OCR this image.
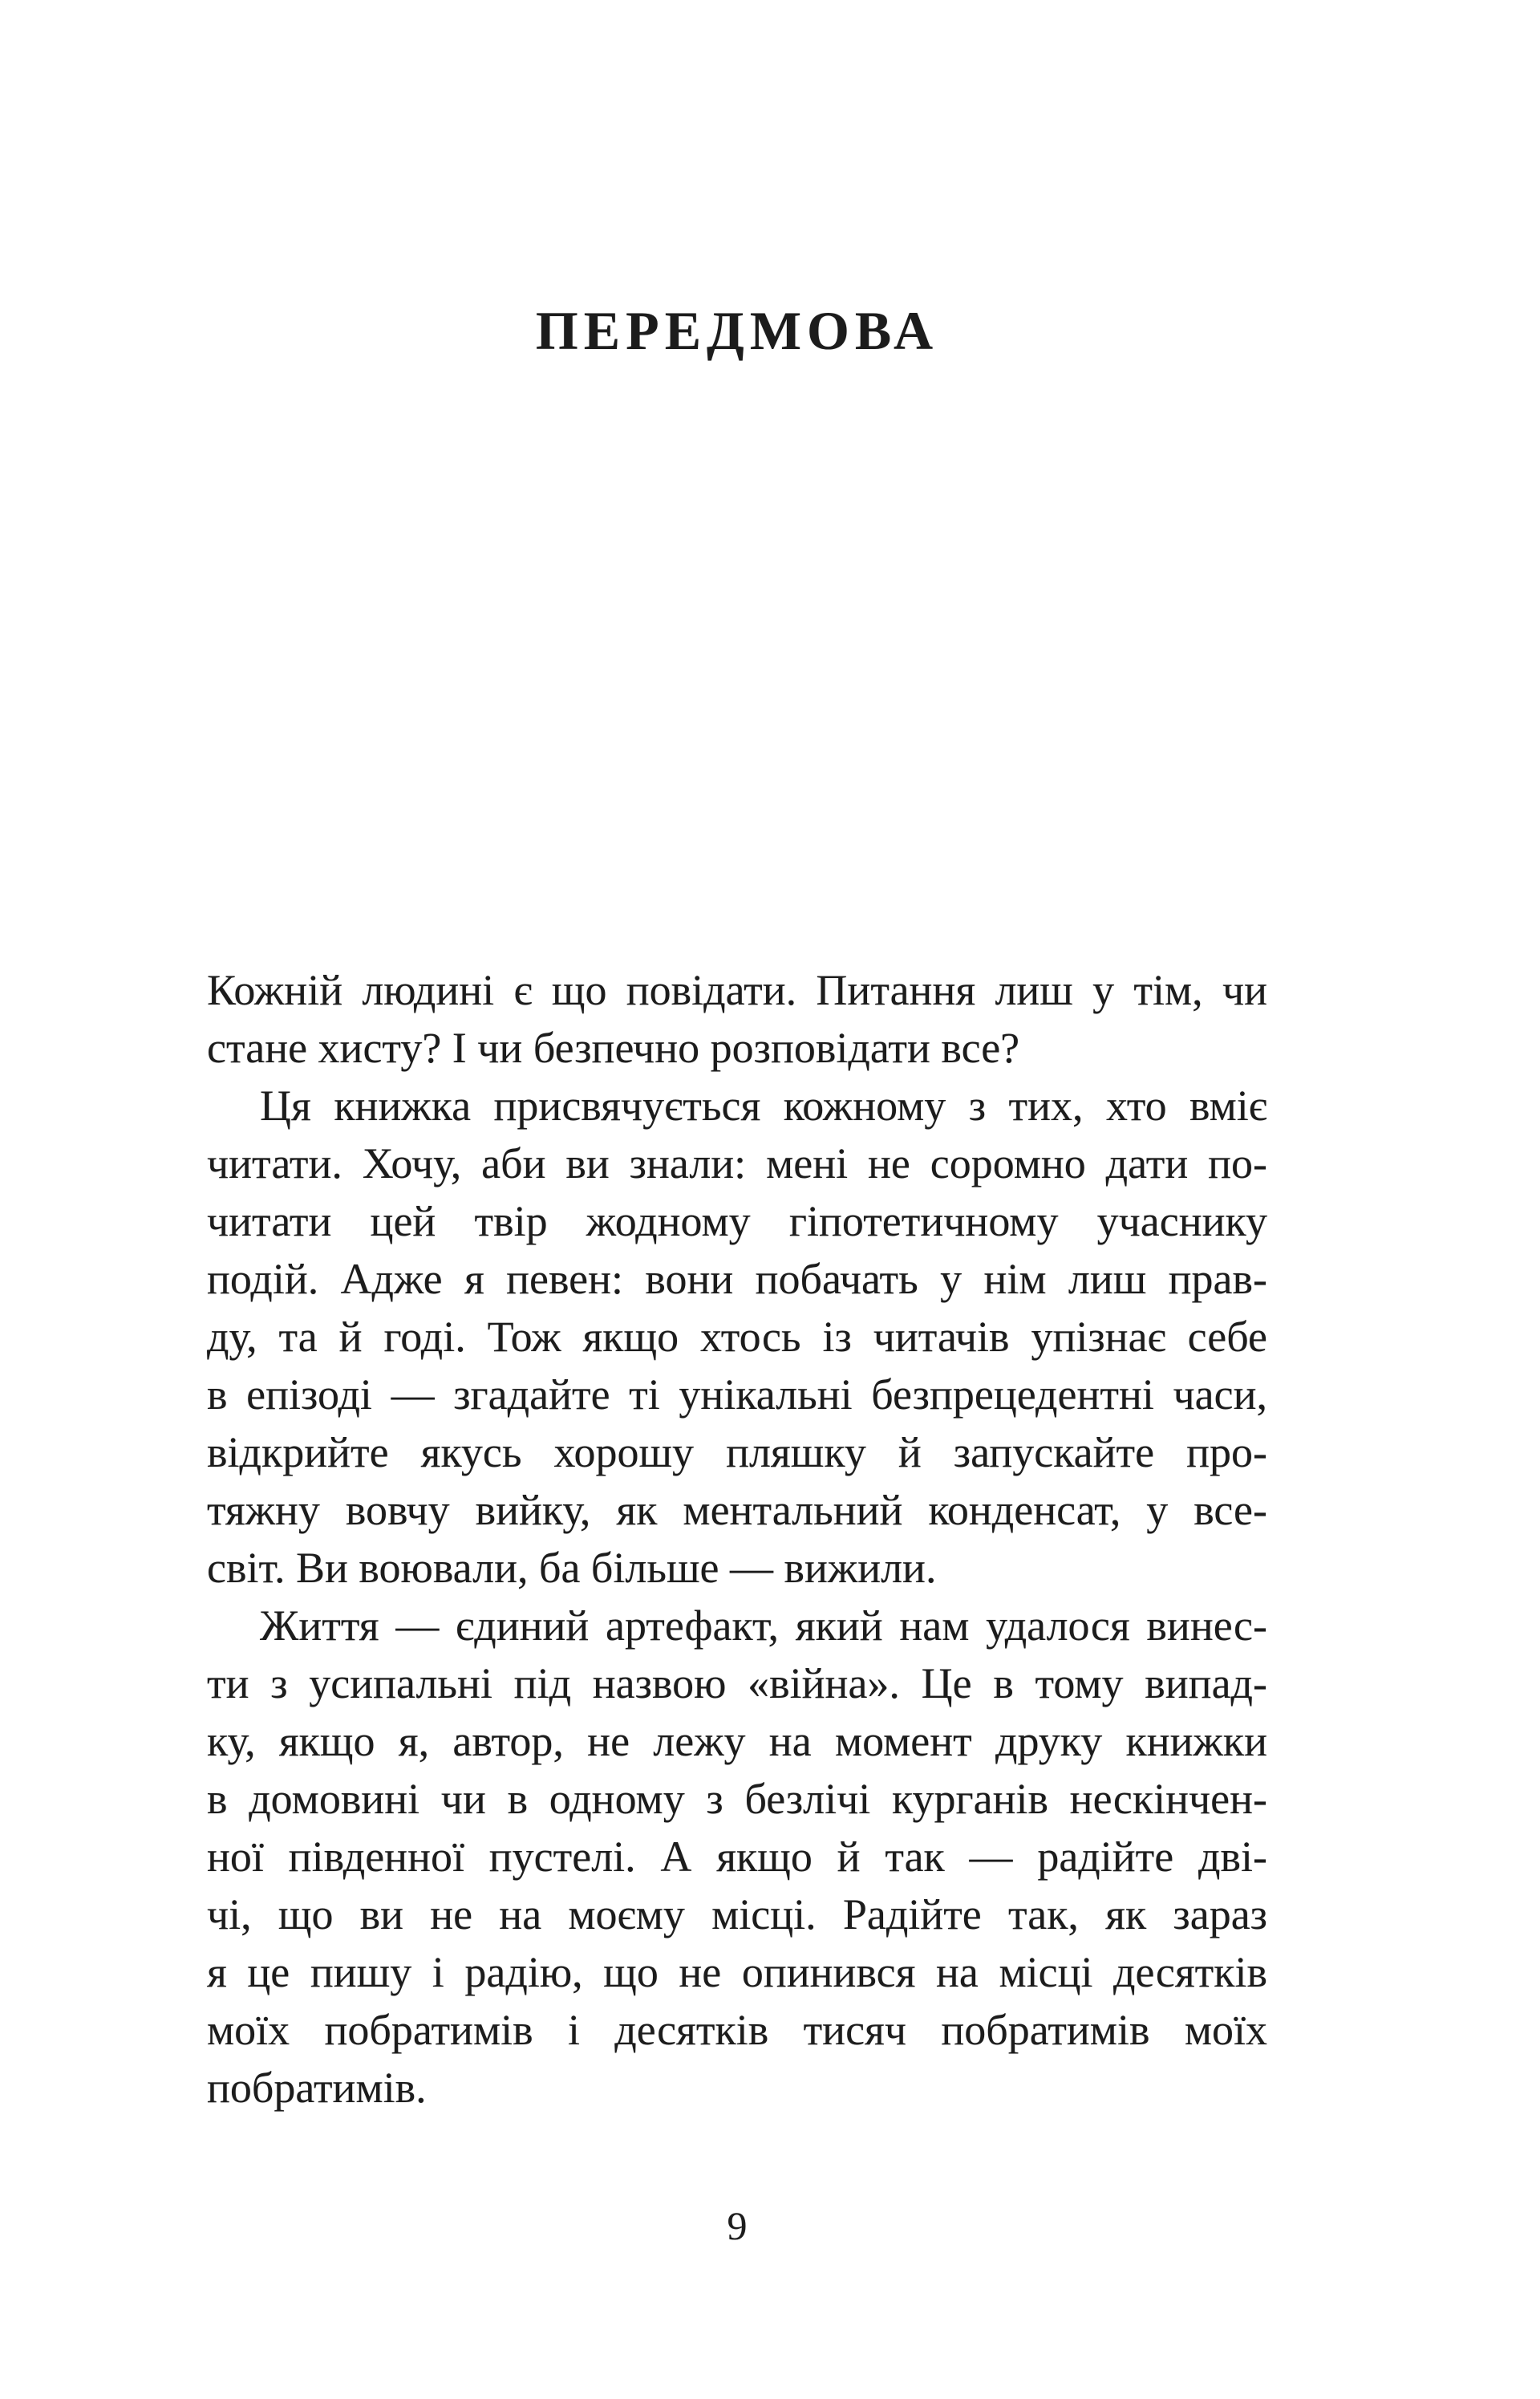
ПЕРЕДМОВА
Кожній людині є що повідати. Питання лиш у тім, чи
стане хисту? І чи безпечно розповідати все?
Ця книжка присвячується кожному з тих, хто вміє
читати. Хочу, аби ви знали: мені не соромно дати по-
читати цей твір жодному гіпотетичному учаснику
подій. Адже я певен: вони побачать у нім лиш прав-
ду, та й годі. Тож якщо хтось із читачів упізнає себе
в епізоді — згадайте ті унікальні безпрецедентні часи,
відкрийте якусь хорошу пляшку й запускайте про-
тяжну вовчу вийку, як ментальний конденсат, у все-
світ. Ви воювали, ба більше — вижили.
Життя — єдиний артефакт, який нам удалося винес-
ти з усипальні під назвою «війна». Це в тому випад-
ку, якщо я, автор, не лежу на момент друку книжки
в домовині чи в одному з безлічі курганів нескінчен-
ної південної пустелі. А якщо й так — радійте дві-
чі, що ви не на моєму місці. Радійте так, як зараз
я це пишу і радію, що не опинився на місці десятків
моїх побратимів і десятків тисяч побратимів моїх
побратимів.
9
